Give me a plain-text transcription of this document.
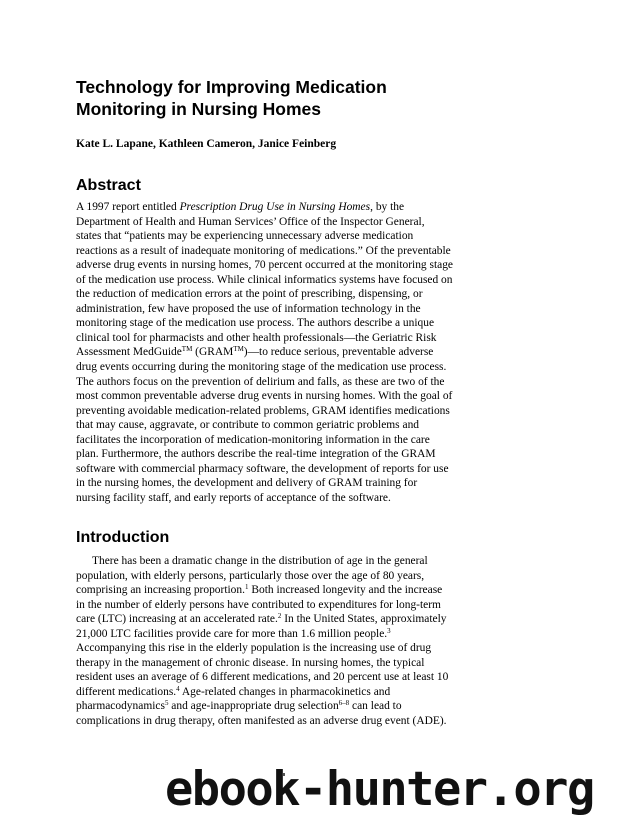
Technology for Improving Medication
Monitoring in Nursing Homes

Kate L. Lapane, Kathleen Cameron, Janice Feinberg

Abstract
A 1997 report entitled Prescription Drug Use in Nursing Homes, by the
Department of Health and Human Services’ Office of the Inspector General,
states that “patients may be experiencing unnecessary adverse medication
reactions as a result of inadequate monitoring of medications.” Of the preventable
adverse drug events in nursing homes, 70 percent occurred at the monitoring stage
of the medication use process. While clinical informatics systems have focused on
the reduction of medication errors at the point of prescribing, dispensing, or
administration, few have proposed the use of information technology in the
monitoring stage of the medication use process. The authors describe a unique
clinical tool for pharmacists and other health professionals—the Geriatric Risk
Assessment MedGuide™ (GRAM™)—to reduce serious, preventable adverse
drug events occurring during the monitoring stage of the medication use process.
The authors focus on the prevention of delirium and falls, as these are two of the
most common preventable adverse drug events in nursing homes. With the goal of
preventing avoidable medication-related problems, GRAM identifies medications
that may cause, aggravate, or contribute to common geriatric problems and
facilitates the incorporation of medication-monitoring information in the care
plan. Furthermore, the authors describe the real-time integration of the GRAM
software with commercial pharmacy software, the development of reports for use
in the nursing homes, the development and delivery of GRAM training for
nursing facility staff, and early reports of acceptance of the software.
Introduction
There has been a dramatic change in the distribution of age in the general
population, with elderly persons, particularly those over the age of 80 years,
comprising an increasing proportion.$^1$ Both increased longevity and the increase
in the number of elderly persons have contributed to expenditures for long-term
care (LTC) increasing at an accelerated rate.$^2$ In the United States, approximately
21,000 LTC facilities provide care for more than 1.6 million people.$^3$
Accompanying this rise in the elderly population is the increasing use of drug
therapy in the management of chronic disease. In nursing homes, the typical
resident uses an average of 6 different medications, and 20 percent use at least 10
different medications.$^4$ Age-related changes in pharmacokinetics and
pharmacodynamics$^5$ and age-inappropriate drug selection$^{6-8}$ can lead to
complications in drug therapy, often manifested as an adverse drug event (ADE).

ebook-hunter.org
